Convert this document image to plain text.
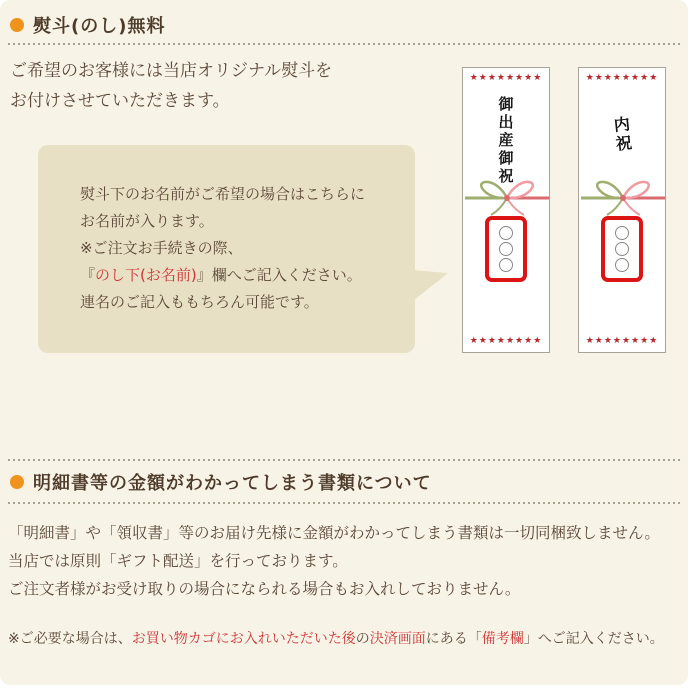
熨斗(のし)無料
ご希望のお客様には当店オリジナル熨斗を
お付けさせていただきます。
熨斗下のお名前がご希望の場合はこちらに
お名前が入ります。
※ご注文お手続きの際、
『のし下(お名前)』欄へご記入ください。
連名のご記入ももちろん可能です。
★★★★★★★★
御出産御祝
★★★★★★★★
★★★★★★★★
内祝
★★★★★★★★
明細書等の金額がわかってしまう書類について
「明細書」や「領収書」等のお届け先様に金額がわかってしまう書類は一切同梱致しません。
当店では原則「ギフト配送」を行っております。
ご注文者様がお受け取りの場合になられる場合もお入れしておりません。
※ご必要な場合は、お買い物カゴにお入れいただいた後の決済画面にある「備考欄」へご記入ください。
